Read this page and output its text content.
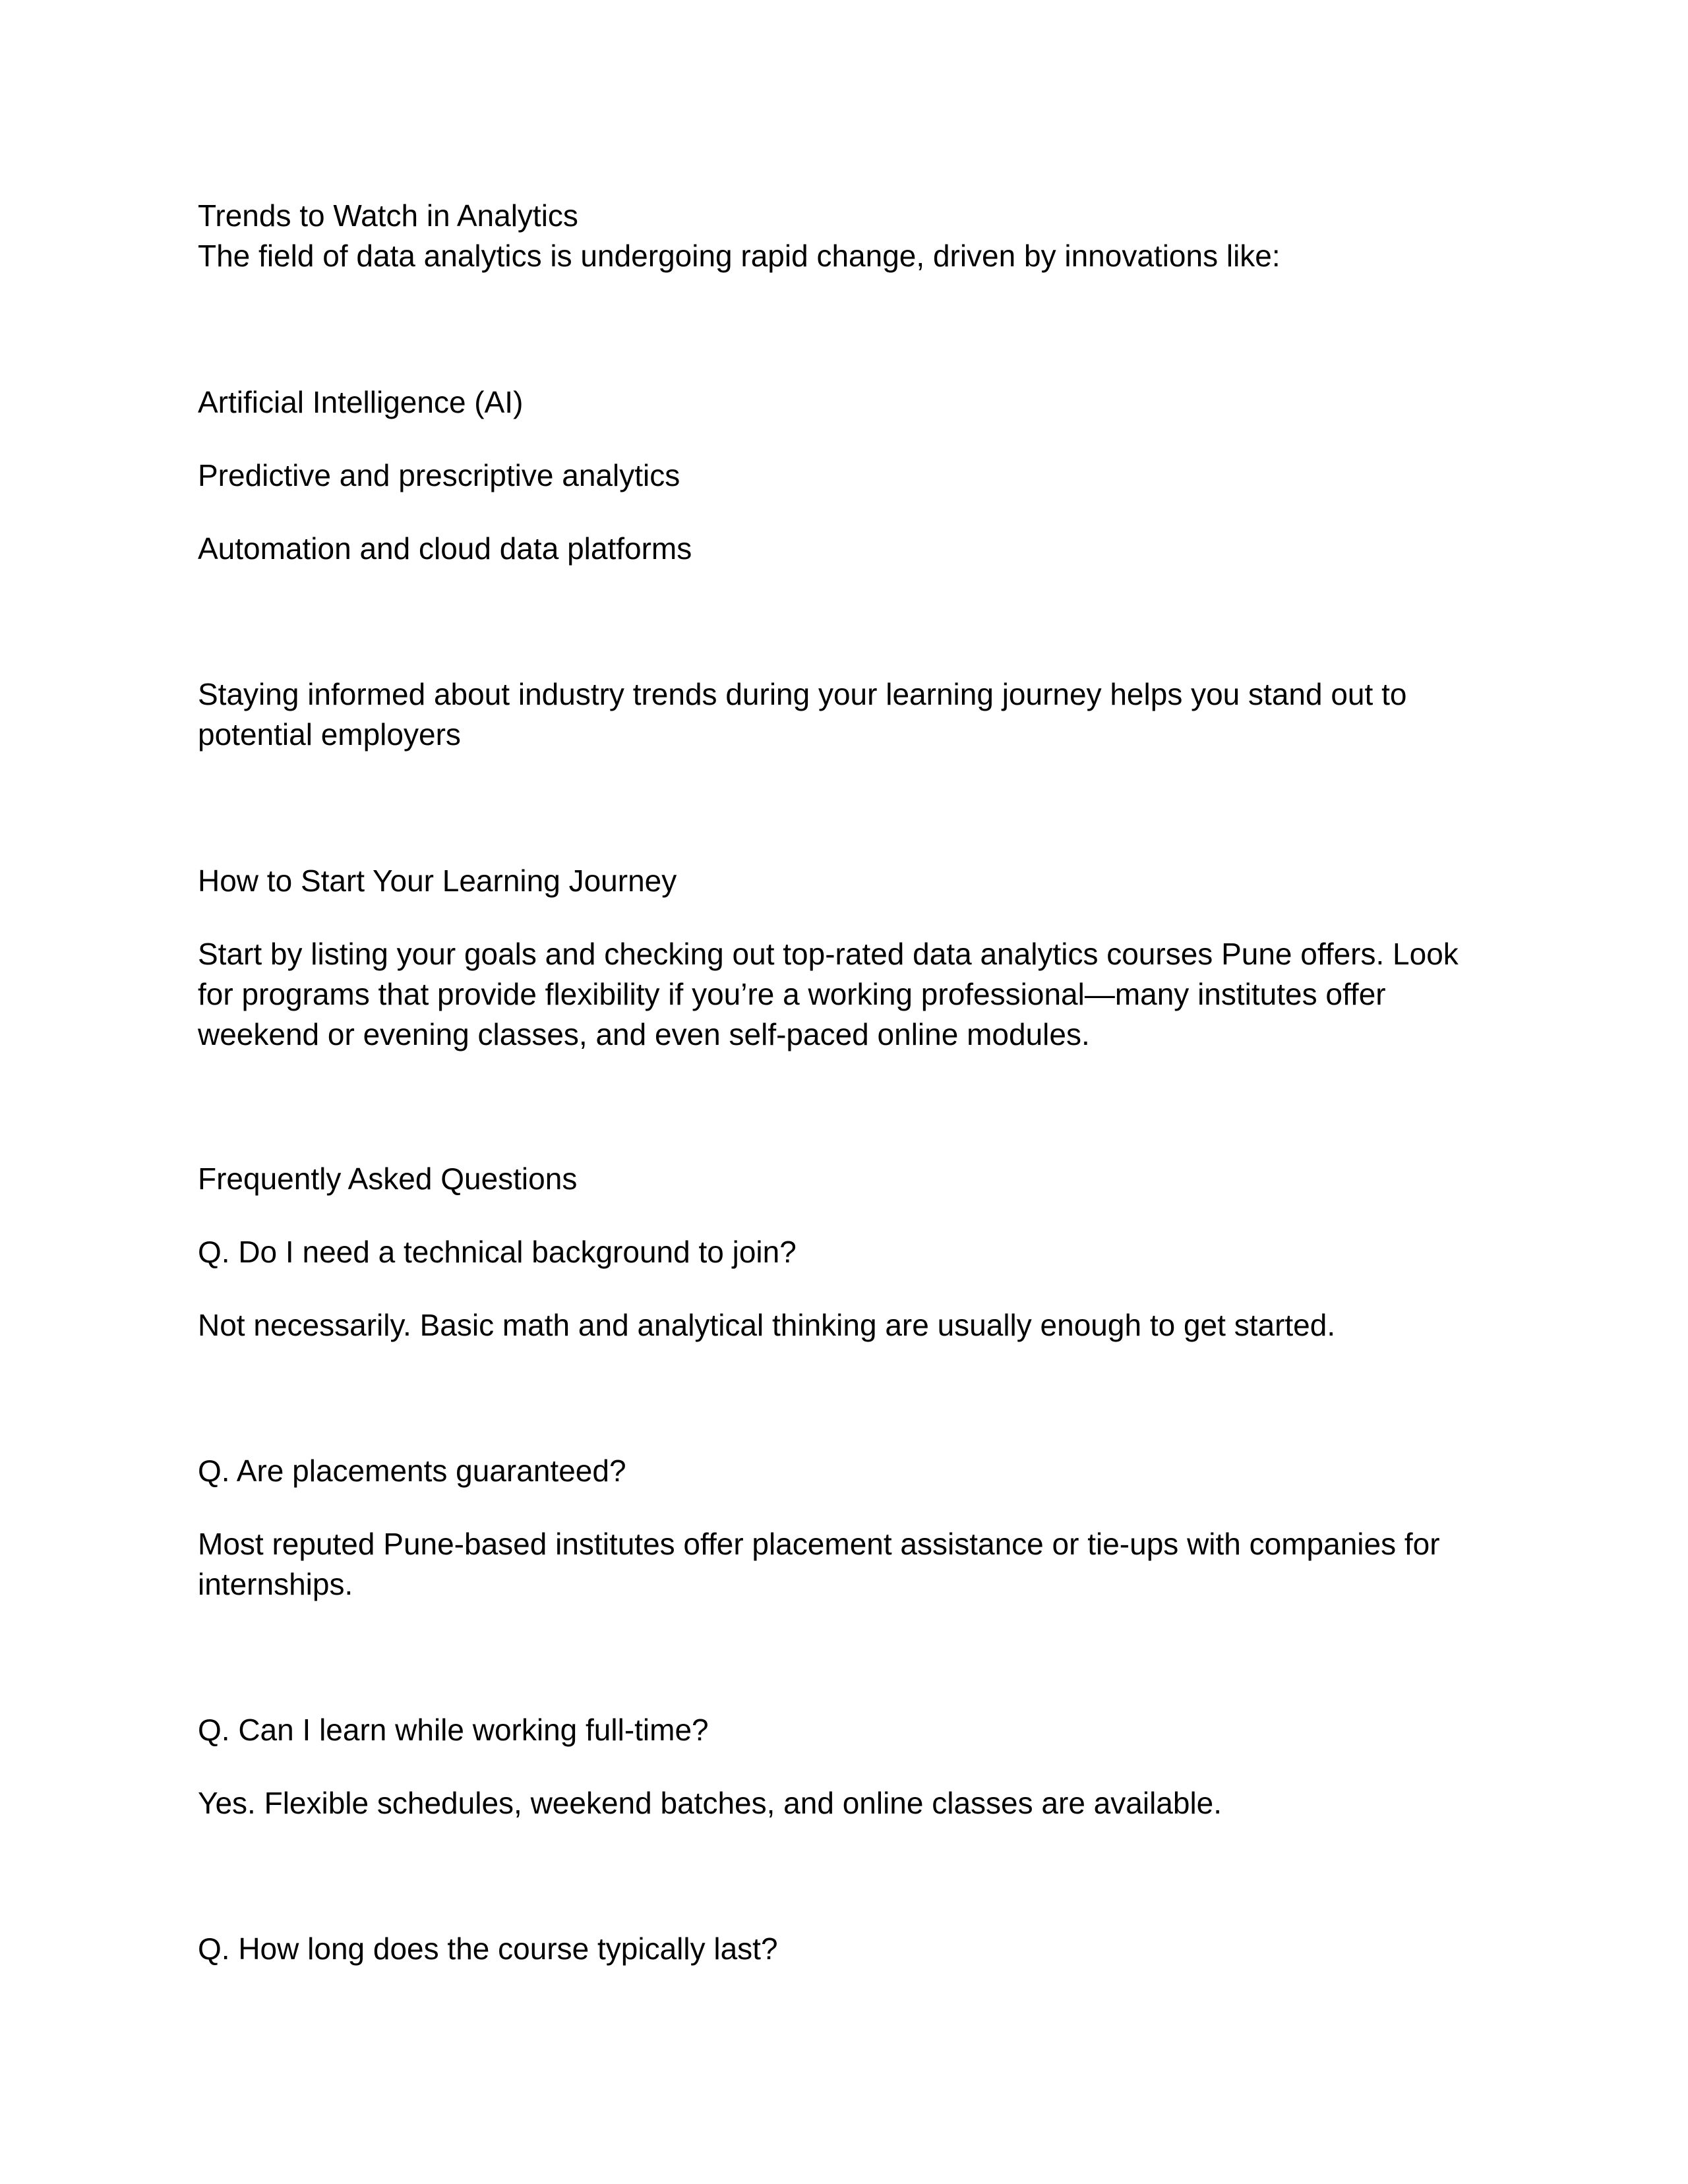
Trends to Watch in Analytics
The field of data analytics is undergoing rapid change, driven by innovations like:
Artificial Intelligence (AI)
Predictive and prescriptive analytics
Automation and cloud data platforms
Staying informed about industry trends during your learning journey helps you stand out to potential employers
How to Start Your Learning Journey
Start by listing your goals and checking out top-rated data analytics courses Pune offers. Look for programs that provide flexibility if you’re a working professional—many institutes offer weekend or evening classes, and even self-paced online modules.
Frequently Asked Questions
Q. Do I need a technical background to join?
Not necessarily. Basic math and analytical thinking are usually enough to get started.
Q. Are placements guaranteed?
Most reputed Pune-based institutes offer placement assistance or tie-ups with companies for internships.
Q. Can I learn while working full-time?
Yes. Flexible schedules, weekend batches, and online classes are available.
Q. How long does the course typically last?
